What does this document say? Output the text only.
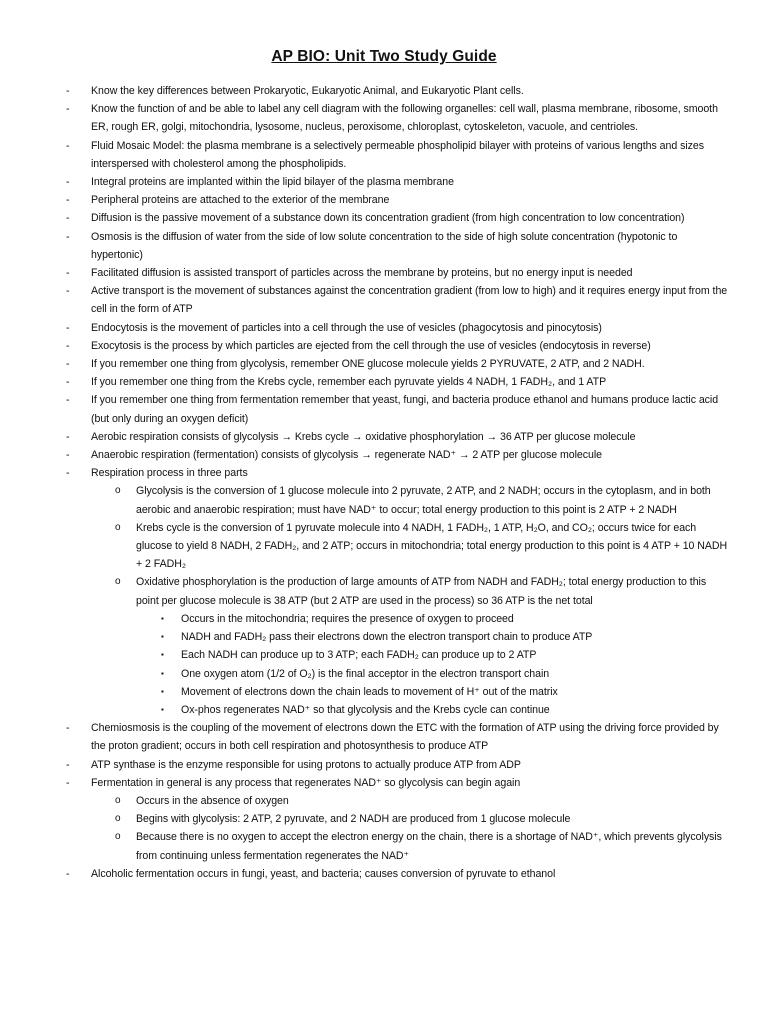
AP BIO: Unit Two Study Guide
- Know the key differences between Prokaryotic, Eukaryotic Animal, and Eukaryotic Plant cells.
- Know the function of and be able to label any cell diagram with the following organelles: cell wall, plasma membrane, ribosome, smooth ER, rough ER, golgi, mitochondria, lysosome, nucleus, peroxisome, chloroplast, cytoskeleton, vacuole, and centrioles.
- Fluid Mosaic Model: the plasma membrane is a selectively permeable phospholipid bilayer with proteins of various lengths and sizes interspersed with cholesterol among the phospholipids.
- Integral proteins are implanted within the lipid bilayer of the plasma membrane
- Peripheral proteins are attached to the exterior of the membrane
- Diffusion is the passive movement of a substance down its concentration gradient (from high concentration to low concentration)
- Osmosis is the diffusion of water from the side of low solute concentration to the side of high solute concentration (hypotonic to hypertonic)
- Facilitated diffusion is assisted transport of particles across the membrane by proteins, but no energy input is needed
- Active transport is the movement of substances against the concentration gradient (from low to high) and it requires energy input from the cell in the form of ATP
- Endocytosis is the movement of particles into a cell through the use of vesicles (phagocytosis and pinocytosis)
- Exocytosis is the process by which particles are ejected from the cell through the use of vesicles (endocytosis in reverse)
- If you remember one thing from glycolysis, remember ONE glucose molecule yields 2 PYRUVATE, 2 ATP, and 2 NADH.
- If you remember one thing from the Krebs cycle, remember each pyruvate yields 4 NADH, 1 FADH₂, and 1 ATP
- If you remember one thing from fermentation remember that yeast, fungi, and bacteria produce ethanol and humans produce lactic acid (but only during an oxygen deficit)
- Aerobic respiration consists of glycolysis → Krebs cycle → oxidative phosphorylation → 36 ATP per glucose molecule
- Anaerobic respiration (fermentation) consists of glycolysis → regenerate NAD⁺ → 2 ATP per glucose molecule
- Respiration process in three parts
o Glycolysis is the conversion of 1 glucose molecule into 2 pyruvate, 2 ATP, and 2 NADH; occurs in the cytoplasm, and in both aerobic and anaerobic respiration; must have NAD⁺ to occur; total energy production to this point is 2 ATP + 2 NADH
o Krebs cycle is the conversion of 1 pyruvate molecule into 4 NADH, 1 FADH₂, 1 ATP, H₂O, and CO₂; occurs twice for each glucose to yield 8 NADH, 2 FADH₂, and 2 ATP; occurs in mitochondria; total energy production to this point is 4 ATP + 10 NADH + 2 FADH₂
o Oxidative phosphorylation is the production of large amounts of ATP from NADH and FADH₂; total energy production to this point per glucose molecule is 38 ATP (but 2 ATP are used in the process) so 36 ATP is the net total
▪ Occurs in the mitochondria; requires the presence of oxygen to proceed
▪ NADH and FADH₂ pass their electrons down the electron transport chain to produce ATP
▪ Each NADH can produce up to 3 ATP; each FADH₂ can produce up to 2 ATP
▪ One oxygen atom (1/2 of O₂) is the final acceptor in the electron transport chain
▪ Movement of electrons down the chain leads to movement of H⁺ out of the matrix
▪ Ox-phos regenerates NAD⁺ so that glycolysis and the Krebs cycle can continue
- Chemiosmosis is the coupling of the movement of electrons down the ETC with the formation of ATP using the driving force provided by the proton gradient; occurs in both cell respiration and photosynthesis to produce ATP
- ATP synthase is the enzyme responsible for using protons to actually produce ATP from ADP
- Fermentation in general is any process that regenerates NAD⁺ so glycolysis can begin again
o Occurs in the absence of oxygen
o Begins with glycolysis: 2 ATP, 2 pyruvate, and 2 NADH are produced from 1 glucose molecule
o Because there is no oxygen to accept the electron energy on the chain, there is a shortage of NAD⁺, which prevents glycolysis from continuing unless fermentation regenerates the NAD⁺
- Alcoholic fermentation occurs in fungi, yeast, and bacteria; causes conversion of pyruvate to ethanol
